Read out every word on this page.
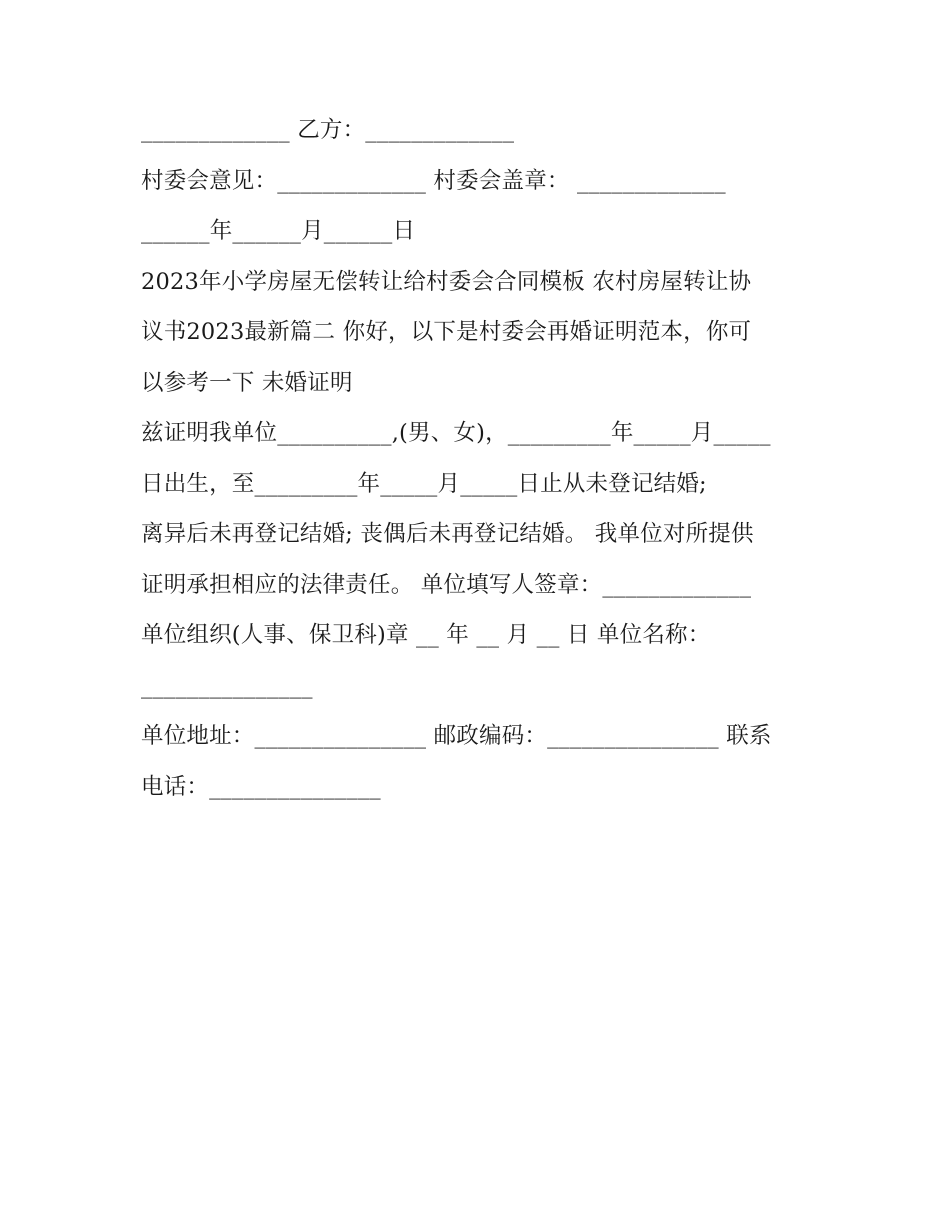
_____________ 乙方：_____________
村委会意见：_____________ 村委会盖章： _____________
______年______月______日
2023年小学房屋无偿转让给村委会合同模板 农村房屋转让协
议书2023最新篇二 你好，以下是村委会再婚证明范本，你可
以参考一下 未婚证明
兹证明我单位__________,(男、女)，_________年_____月_____
日出生，至_________年_____月_____日止从未登记结婚;
离异后未再登记结婚; 丧偶后未再登记结婚。 我单位对所提供
证明承担相应的法律责任。 单位填写人签章：_____________
单位组织(人事、保卫科)章 __ 年 __ 月 __ 日 单位名称：
_______________
单位地址：_______________ 邮政编码：_______________ 联系
电话：_______________
